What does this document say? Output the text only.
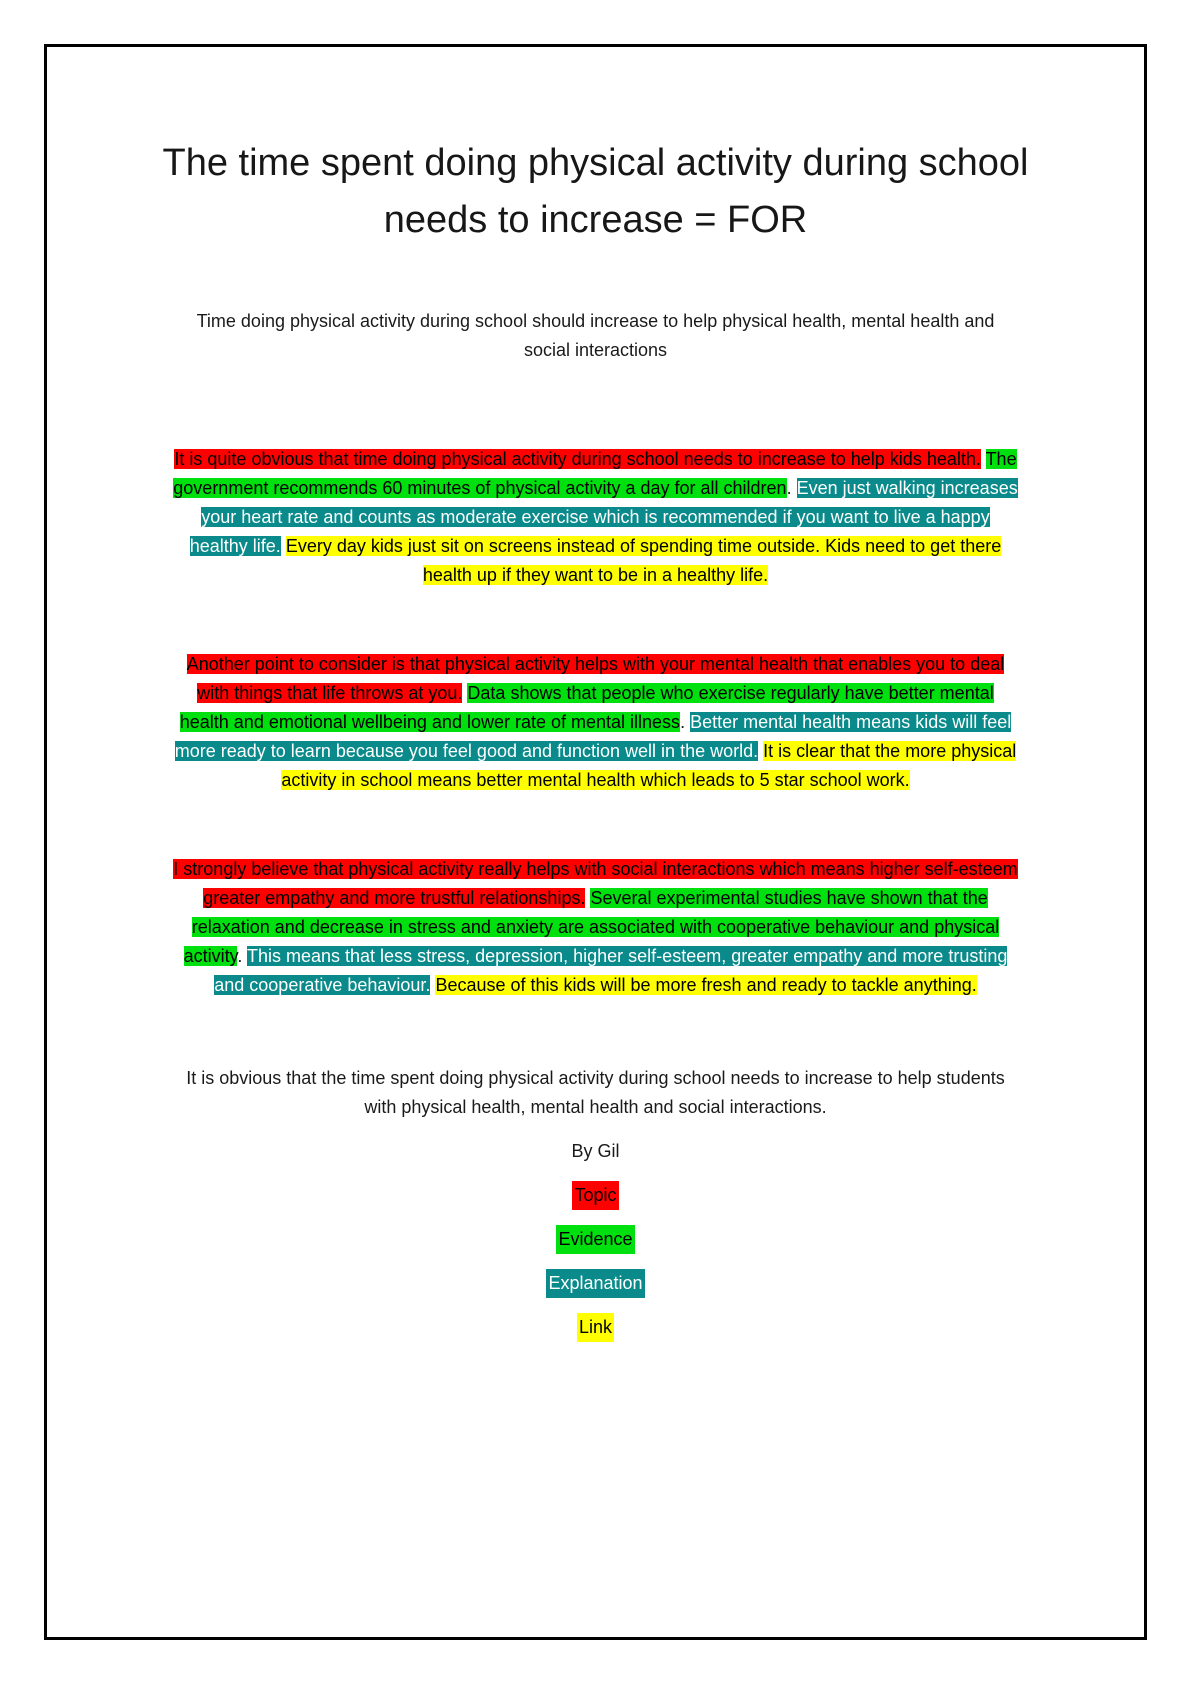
The time spent doing physical activity during school needs to increase = FOR

Time doing physical activity during school should increase to help physical health, mental health and social interactions

It is quite obvious that time doing physical activity during school needs to increase to help kids health. The government recommends 60 minutes of physical activity a day for all children. Even just walking increases your heart rate and counts as moderate exercise which is recommended if you want to live a happy healthy life. Every day kids just sit on screens instead of spending time outside. Kids need to get there health up if they want to be in a healthy life.

Another point to consider is that physical activity helps with your mental health that enables you to deal with things that life throws at you. Data shows that people who exercise regularly have better mental health and emotional wellbeing and lower rate of mental illness. Better mental health means kids will feel more ready to learn because you feel good and function well in the world. It is clear that the more physical activity in school means better mental health which leads to 5 star school work.

I strongly believe that physical activity really helps with social interactions which means higher self-esteem greater empathy and more trustful relationships. Several experimental studies have shown that the relaxation and decrease in stress and anxiety are associated with cooperative behaviour and physical activity. This means that less stress, depression, higher self-esteem, greater empathy and more trusting and cooperative behaviour. Because of this kids will be more fresh and ready to tackle anything.

It is obvious that the time spent doing physical activity during school needs to increase to help students with physical health, mental health and social interactions.

By Gil

Topic
Evidence
Explanation
Link
